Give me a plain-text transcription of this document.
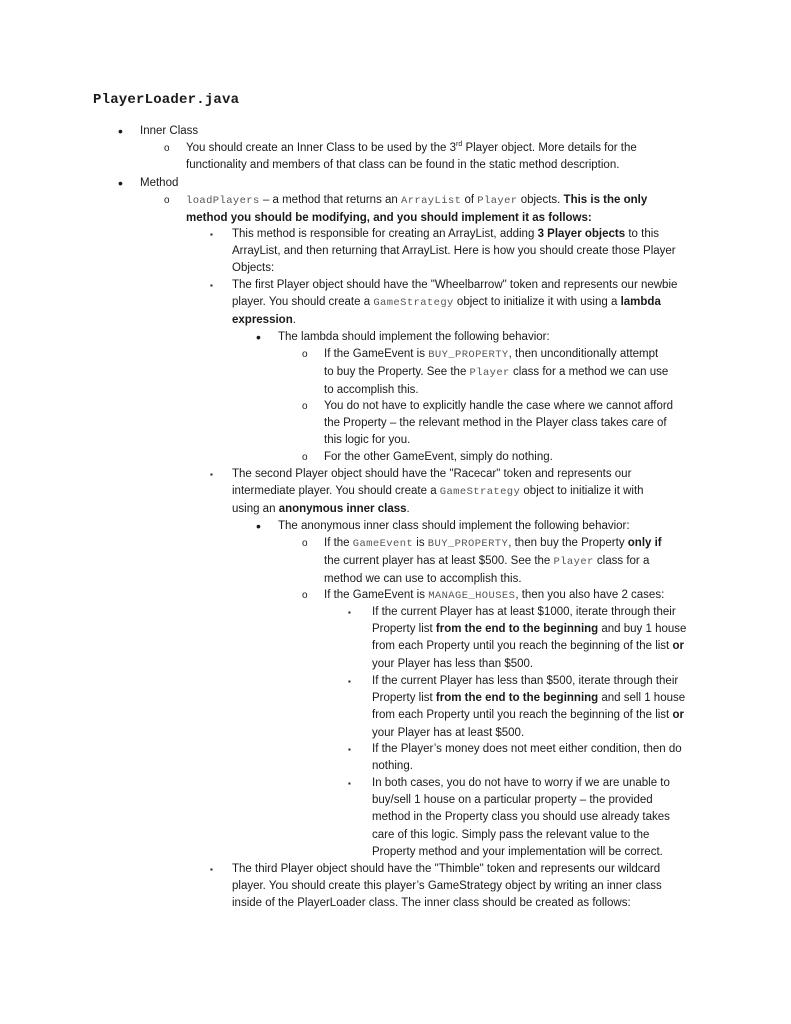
PlayerLoader.java
• Inner Class
o You should create an Inner Class to be used by the 3rd Player object. More details for the
functionality and members of that class can be found in the static method description.
• Method
o loadPlayers – a method that returns an ArrayList of Player objects. This is the only
method you should be modifying, and you should implement it as follows:
▪ This method is responsible for creating an ArrayList, adding 3 Player objects to this
ArrayList, and then returning that ArrayList. Here is how you should create those Player
Objects:
▪ The first Player object should have the "Wheelbarrow" token and represents our newbie
player. You should create a GameStrategy object to initialize it with using a lambda
expression.
• The lambda should implement the following behavior:
o If the GameEvent is BUY_PROPERTY, then unconditionally attempt
to buy the Property. See the Player class for a method we can use
to accomplish this.
o You do not have to explicitly handle the case where we cannot afford
the Property – the relevant method in the Player class takes care of
this logic for you.
o For the other GameEvent, simply do nothing.
▪ The second Player object should have the "Racecar" token and represents our
intermediate player. You should create a GameStrategy object to initialize it with
using an anonymous inner class.
• The anonymous inner class should implement the following behavior:
o If the GameEvent is BUY_PROPERTY, then buy the Property only if
the current player has at least $500. See the Player class for a
method we can use to accomplish this.
o If the GameEvent is MANAGE_HOUSES, then you also have 2 cases:
▪ If the current Player has at least $1000, iterate through their
Property list from the end to the beginning and buy 1 house
from each Property until you reach the beginning of the list or
your Player has less than $500.
▪ If the current Player has less than $500, iterate through their
Property list from the end to the beginning and sell 1 house
from each Property until you reach the beginning of the list or
your Player has at least $500.
▪ If the Player’s money does not meet either condition, then do
nothing.
▪ In both cases, you do not have to worry if we are unable to
buy/sell 1 house on a particular property – the provided
method in the Property class you should use already takes
care of this logic. Simply pass the relevant value to the
Property method and your implementation will be correct.
▪ The third Player object should have the "Thimble" token and represents our wildcard
player. You should create this player’s GameStrategy object by writing an inner class
inside of the PlayerLoader class. The inner class should be created as follows:
